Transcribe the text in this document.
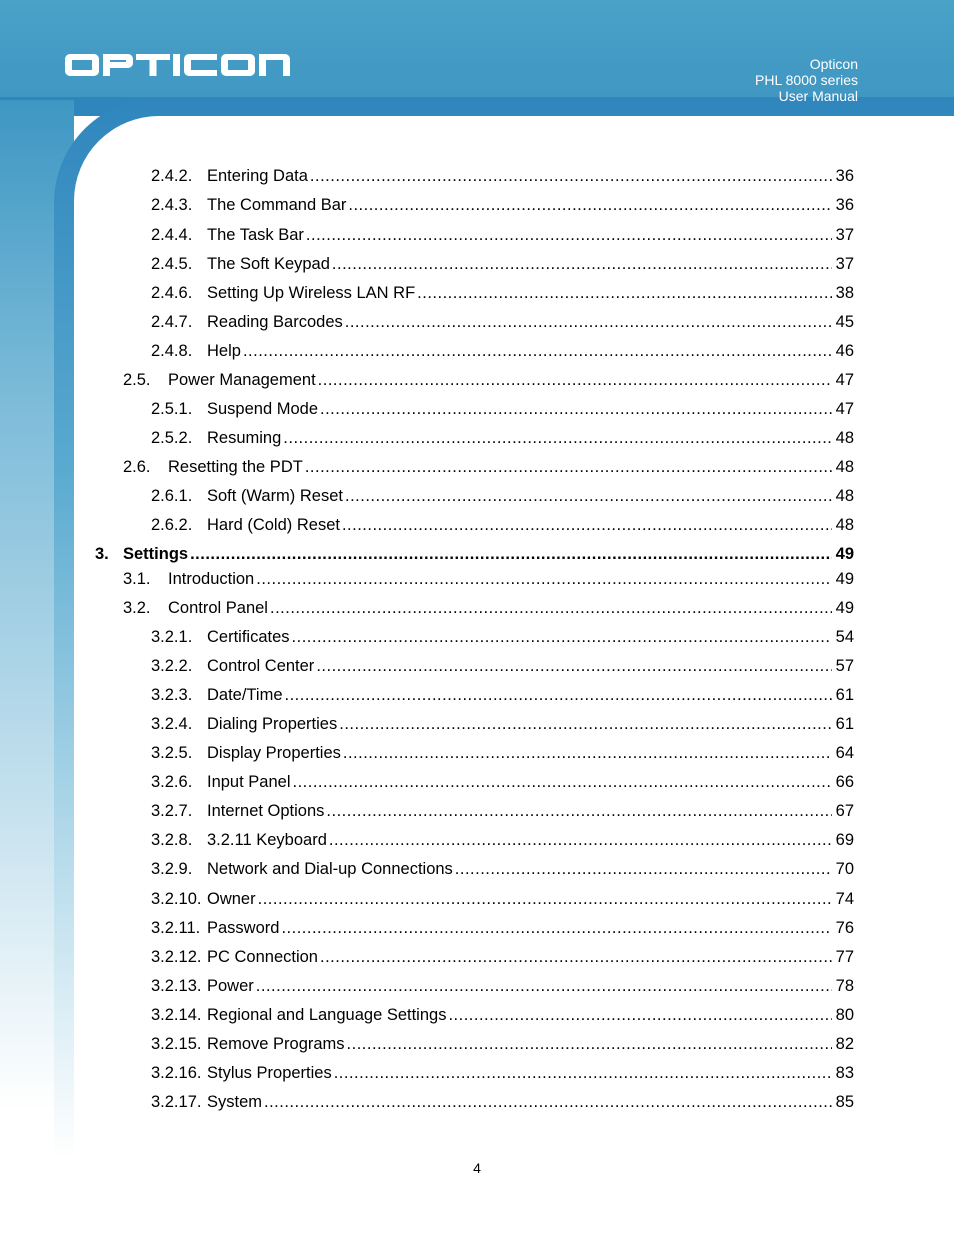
Opticon
PHL 8000 series
User Manual
2.4.2. Entering Data .....	36
2.4.3. The Command Bar .....	36
2.4.4. The Task Bar .....	37
2.4.5. The Soft Keypad .....	37
2.4.6. Setting Up Wireless LAN RF .....	38
2.4.7. Reading Barcodes .....	45
2.4.8. Help .....	46
2.5.	Power Management .....	47
2.5.1. Suspend Mode .....	47
2.5.2. Resuming .....	48
2.6.	Resetting the PDT .....	48
2.6.1. Soft (Warm) Reset .....	48
2.6.2. Hard (Cold) Reset .....	48
3. Settings .....	49
3.1.	Introduction .....	49
3.2.	Control Panel .....	49
3.2.1. Certificates .....	54
3.2.2. Control Center .....	57
3.2.3. Date/Time .....	61
3.2.4. Dialing Properties .....	61
3.2.5. Display Properties .....	64
3.2.6. Input Panel .....	66
3.2.7. Internet Options .....	67
3.2.8. 3.2.11 Keyboard .....	69
3.2.9. Network and Dial-up Connections .....	70
3.2.10. Owner .....	74
3.2.11. Password .....	76
3.2.12. PC Connection .....	77
3.2.13. Power .....	78
3.2.14. Regional and Language Settings .....	80
3.2.15. Remove Programs .....	82
3.2.16. Stylus Properties .....	83
3.2.17. System .....	85
4
